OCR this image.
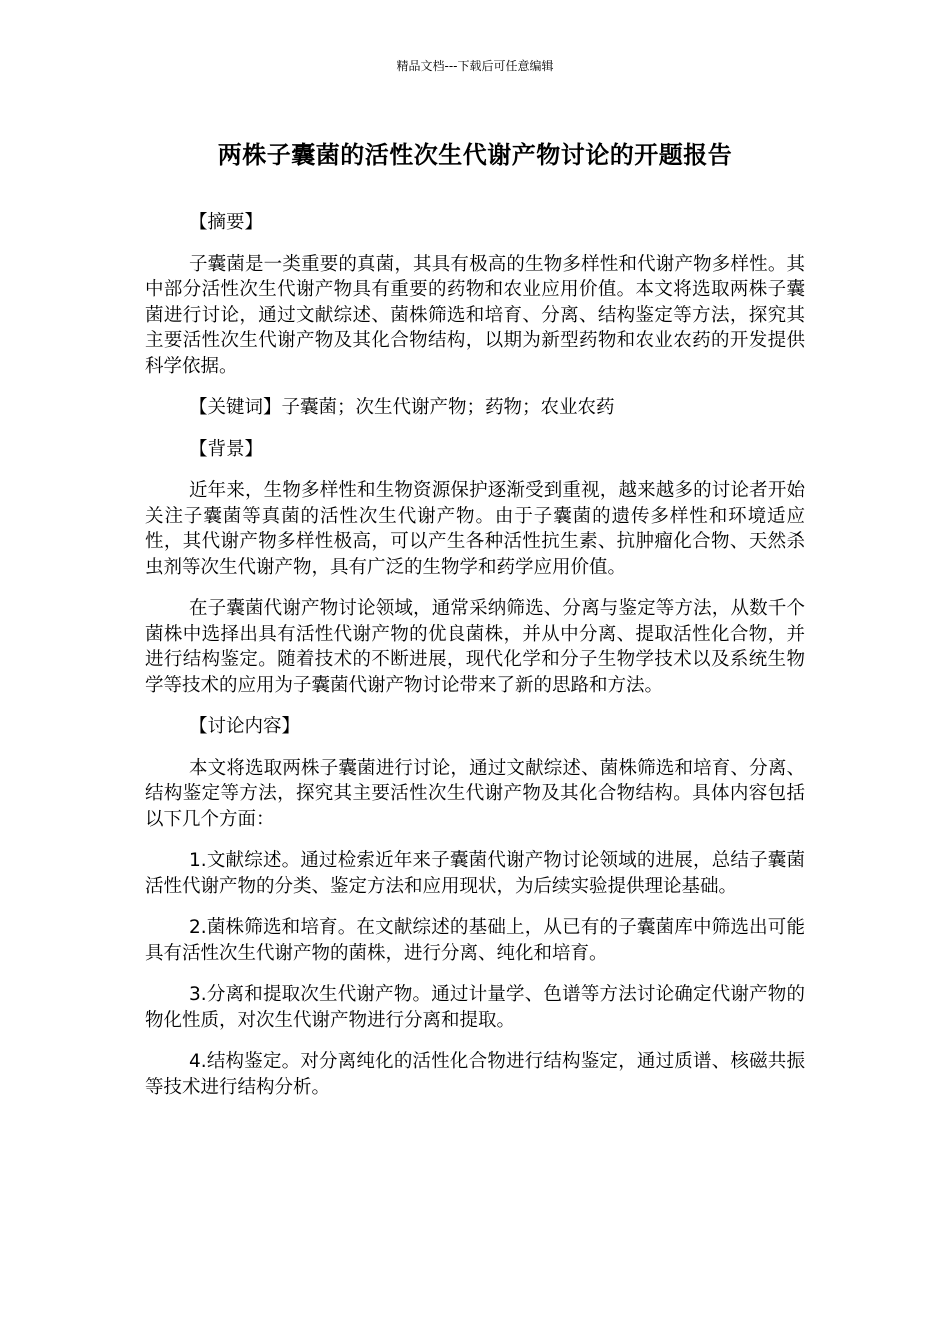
精品文档---下载后可任意编辑
两株子囊菌的活性次生代谢产物讨论的开题报告

【摘要】

子囊菌是一类重要的真菌，其具有极高的生物多样性和代谢产物多样性。其中部分活性次生代谢产物具有重要的药物和农业应用价值。本文将选取两株子囊菌进行讨论，通过文献综述、菌株筛选和培育、分离、结构鉴定等方法，探究其主要活性次生代谢产物及其化合物结构，以期为新型药物和农业农药的开发提供科学依据。

【关键词】子囊菌；次生代谢产物；药物；农业农药

【背景】

近年来，生物多样性和生物资源保护逐渐受到重视，越来越多的讨论者开始关注子囊菌等真菌的活性次生代谢产物。由于子囊菌的遗传多样性和环境适应性，其代谢产物多样性极高，可以产生各种活性抗生素、抗肿瘤化合物、天然杀虫剂等次生代谢产物，具有广泛的生物学和药学应用价值。

在子囊菌代谢产物讨论领域，通常采纳筛选、分离与鉴定等方法，从数千个菌株中选择出具有活性代谢产物的优良菌株，并从中分离、提取活性化合物，并进行结构鉴定。随着技术的不断进展，现代化学和分子生物学技术以及系统生物学等技术的应用为子囊菌代谢产物讨论带来了新的思路和方法。

【讨论内容】

本文将选取两株子囊菌进行讨论，通过文献综述、菌株筛选和培育、分离、结构鉴定等方法，探究其主要活性次生代谢产物及其化合物结构。具体内容包括以下几个方面：

1.文献综述。通过检索近年来子囊菌代谢产物讨论领域的进展，总结子囊菌活性代谢产物的分类、鉴定方法和应用现状，为后续实验提供理论基础。

2.菌株筛选和培育。在文献综述的基础上，从已有的子囊菌库中筛选出可能具有活性次生代谢产物的菌株，进行分离、纯化和培育。

3.分离和提取次生代谢产物。通过计量学、色谱等方法讨论确定代谢产物的物化性质，对次生代谢产物进行分离和提取。

4.结构鉴定。对分离纯化的活性化合物进行结构鉴定，通过质谱、核磁共振等技术进行结构分析。
